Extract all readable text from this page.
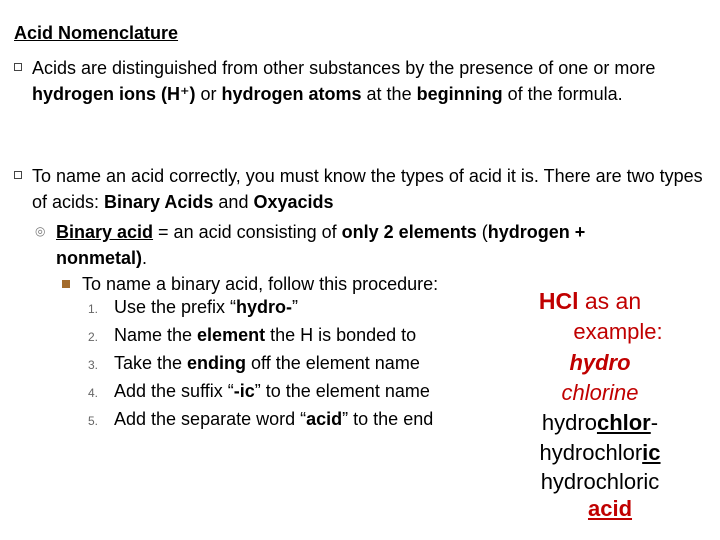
Acid Nomenclature
Acids are distinguished from other substances by the presence of one or more hydrogen ions (H⁺) or hydrogen atoms at the beginning of the formula.
To name an acid correctly, you must know the types of acid it is. There are two types of acids: Binary Acids and Oxyacids
◎ Binary acid = an acid consisting of only 2 elements (hydrogen + nonmetal).
To name a binary acid, follow this procedure:
1. Use the prefix “hydro-”
2. Name the element the H is bonded to
3. Take the ending off the element name
4. Add the suffix “-ic” to the element name
5. Add the separate word “acid” to the end
HCl as an
example:
hydro
chlorine
hydrochlor-
hydrochloric
hydrochloric
acid
